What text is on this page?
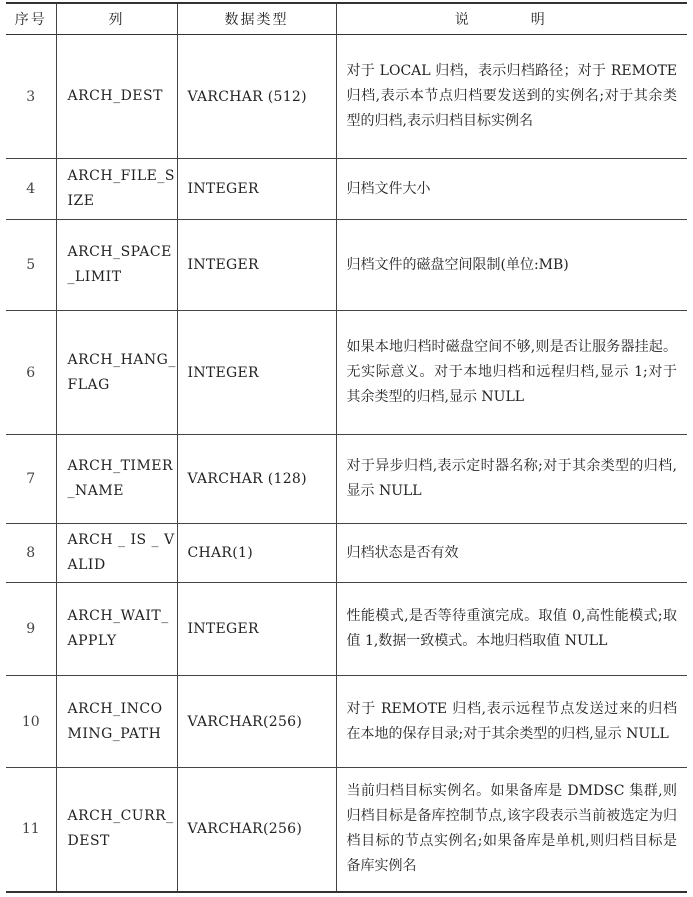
序号	列	数据类型	说　明
3	ARCH_DEST	VARCHAR (512)	对于 LOCAL 归档，表示归档路径；对于 REMOTE 归档,表示本节点归档要发送到的实例名;对于其余类型的归档,表示归档目标实例名
4	ARCH_FILE_SIZE	INTEGER	归档文件大小
5	ARCH_SPACE_LIMIT	INTEGER	归档文件的磁盘空间限制(单位:MB)
6	ARCH_HANG_FLAG	INTEGER	如果本地归档时磁盘空间不够,则是否让服务器挂起。无实际意义。对于本地归档和远程归档,显示 1;对于其余类型的归档,显示 NULL
7	ARCH_TIMER_NAME	VARCHAR (128)	对于异步归档,表示定时器名称;对于其余类型的归档,显示 NULL
8	ARCH _ IS _ VALID	CHAR(1)	归档状态是否有效
9	ARCH_WAIT_APPLY	INTEGER	性能模式,是否等待重演完成。取值 0,高性能模式;取值 1,数据一致模式。本地归档取值 NULL
10	ARCH_INCOMING_PATH	VARCHAR(256)	对于 REMOTE 归档,表示远程节点发送过来的归档在本地的保存目录;对于其余类型的归档,显示 NULL
11	ARCH_CURR_DEST	VARCHAR(256)	当前归档目标实例名。如果备库是 DMDSC 集群,则归档目标是备库控制节点,该字段表示当前被选定为归档目标的节点实例名;如果备库是单机,则归档目标是备库实例名
